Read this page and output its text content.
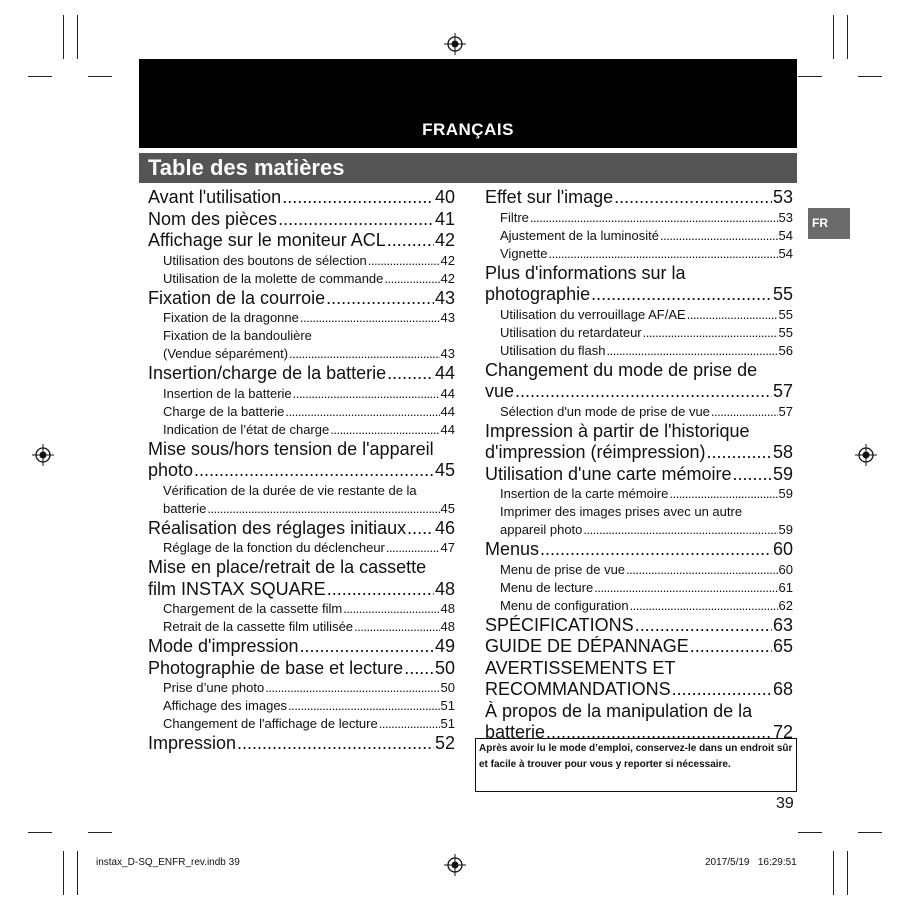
FRANÇAIS
Table des matières
FR
Avant l'utilisation .....	40
Nom des pièces .....	41
Affichage sur le moniteur ACL .....	42
Utilisation des boutons de sélection .....	42
Utilisation de la molette de commande .....	42
Fixation de la courroie .....	43
Fixation de la dragonne .....	43
Fixation de la bandoulière
(Vendue séparément) .....	43
Insertion/charge de la batterie .....	44
Insertion de la batterie .....	44
Charge de la batterie .....	44
Indication de l’état de charge .....	44
Mise sous/hors tension de l'appareil
photo .....	45
Vérification de la durée de vie restante de la
batterie .....	45
Réalisation des réglages initiaux ..... 46
Réglage de la fonction du déclencheur .....	47
Mise en place/retrait de la cassette
film INSTAX SQUARE .....	48
Chargement de la cassette film .....	48
Retrait de la cassette film utilisée .....	48
Mode d'impression .....	49
Photographie de base et lecture ..... 50
Prise d’une photo .....	50
Affichage des images .....	51
Changement de l'affichage de lecture .....	51
Impression .....	52
Effet sur l'image .....	53
Filtre .....	53
Ajustement de la luminosité .....	54
Vignette .....	54
Plus d'informations sur la
photographie .....	55
Utilisation du verrouillage AF/AE .....	55
Utilisation du retardateur .....	55
Utilisation du flash .....	56
Changement du mode de prise de
vue .....	57
Sélection d'un mode de prise de vue .....	57
Impression à partir de l'historique
d'impression (réimpression) .....	58
Utilisation d'une carte mémoire ..... 59
Insertion de la carte mémoire .....	59
Imprimer des images prises avec un autre
appareil photo .....	59
Menus .....	60
Menu de prise de vue .....	60
Menu de lecture .....	61
Menu de configuration .....	62
SPÉCIFICATIONS .....	63
GUIDE DE DÉPANNAGE .....	65
AVERTISSEMENTS ET
RECOMMANDATIONS .....	68
À propos de la manipulation de la
batterie .....	72
Après avoir lu le mode d’emploi, conservez-le dans un endroit sûr et facile à trouver pour vous y reporter si nécessaire.
39
instax_D-SQ_ENFR_rev.indb 39	2017/5/19   16:29:51
